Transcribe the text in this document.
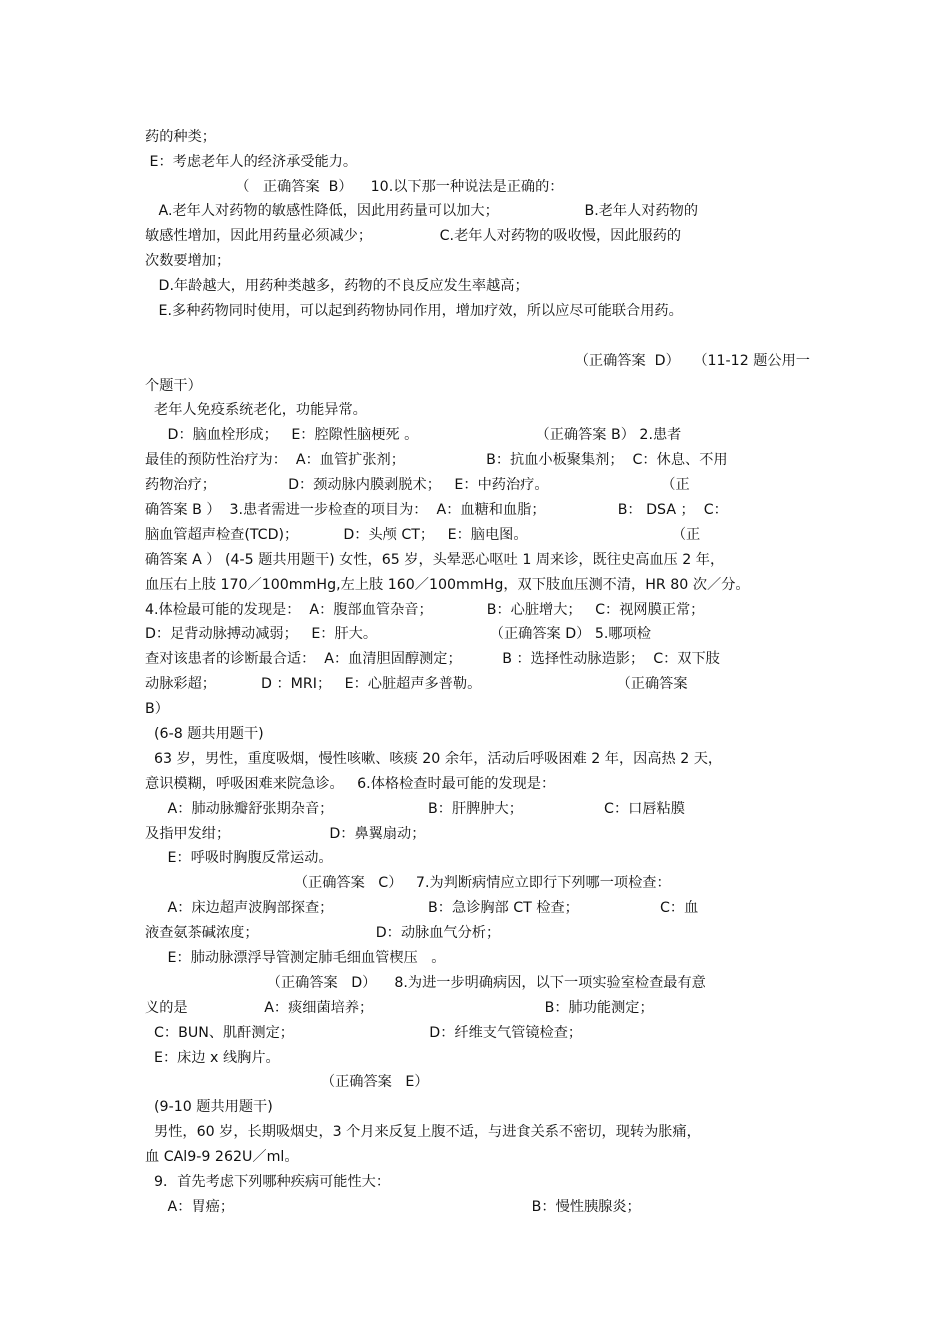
药的种类；
E：考虑老年人的经济承受能力。
（   正确答案  B）    10.以下那一种说法是正确的：
A.老年人对药物的敏感性降低，因此用药量可以加大；                   B.老年人对药物的
敏感性增加，因此用药量必须减少；               C.老年人对药物的吸收慢，因此服药的
次数要增加；
D.年龄越大，用药种类越多，药物的不良反应发生率越高；
E.多种药物同时使用，可以起到药物协同作用，增加疗效，所以应尽可能联合用药。
（正确答案  D）   （11-12 题公用一
个题干）
老年人免疫系统老化，功能异常。
D：脑血栓形成；   E：腔隙性脑梗死 。                          （正确答案 B） 2.患者
最佳的预防性治疗为：  A：血管扩张剂；                  B：抗血小板聚集剂；  C：休息、不用
药物治疗；                D：颈动脉内膜剥脱术；   E：中药治疗。                         （正
确答案 B ）  3.患者需进一步检查的项目为：  A：血糖和血脂；                B： DSA ；  C：
脑血管超声检查(TCD)；          D：头颅 CT；   E：脑电图。                                （正
确答案 A ） (4-5 题共用题干) 女性，65 岁，头晕恶心呕吐 1 周来诊，既往史高血压 2 年，
血压右上肢 170／100mmHg,左上肢 160／100mmHg，双下肢血压测不清，HR 80 次／分。
4.体检最可能的发现是：  A：腹部血管杂音；            B：心脏增大；   C：视网膜正常；
D：足背动脉搏动减弱；   E：肝大。                         （正确答案 D） 5.哪项检
查对该患者的诊断最合适：  A：血清胆固醇测定；         B ：选择性动脉造影；  C：双下肢
动脉彩超；          D ：MRI；   E：心脏超声多普勒。                              （正确答案
B）
(6-8 题共用题干)
63 岁，男性，重度吸烟，慢性咳嗽、咳痰 20 余年，活动后呼吸困难 2 年，因高热 2 天，
意识模糊，呼吸困难来院急诊。   6.体格检查时最可能的发现是：
A：肺动脉瓣舒张期杂音；                     B：肝脾肿大；                  C：口唇粘膜
及指甲发绀；                      D：鼻翼扇动；
E：呼吸时胸腹反常运动。
（正确答案   C）   7.为判断病情应立即行下列哪一项检查：
A：床边超声波胸部探查；                     B：急诊胸部 CT 检查；                  C：血
液查氨茶碱浓度；                          D：动脉血气分析；
E：肺动脉漂浮导管测定肺毛细血管楔压   。
（正确答案   D）    8.为进一步明确病因，以下一项实验室检查最有意
义的是                 A：痰细菌培养；                                      B：肺功能测定；
C：BUN、肌酐测定；                              D：纤维支气管镜检查；
E：床边 x 线胸片。
（正确答案   E）
(9-10 题共用题干)
男性，60 岁，长期吸烟史，3 个月来反复上腹不适，与进食关系不密切，现转为胀痛，
血 CAl9-9 262U／ml。
9．首先考虑下列哪种疾病可能性大：
A：胃癌；                                                                  B：慢性胰腺炎；
